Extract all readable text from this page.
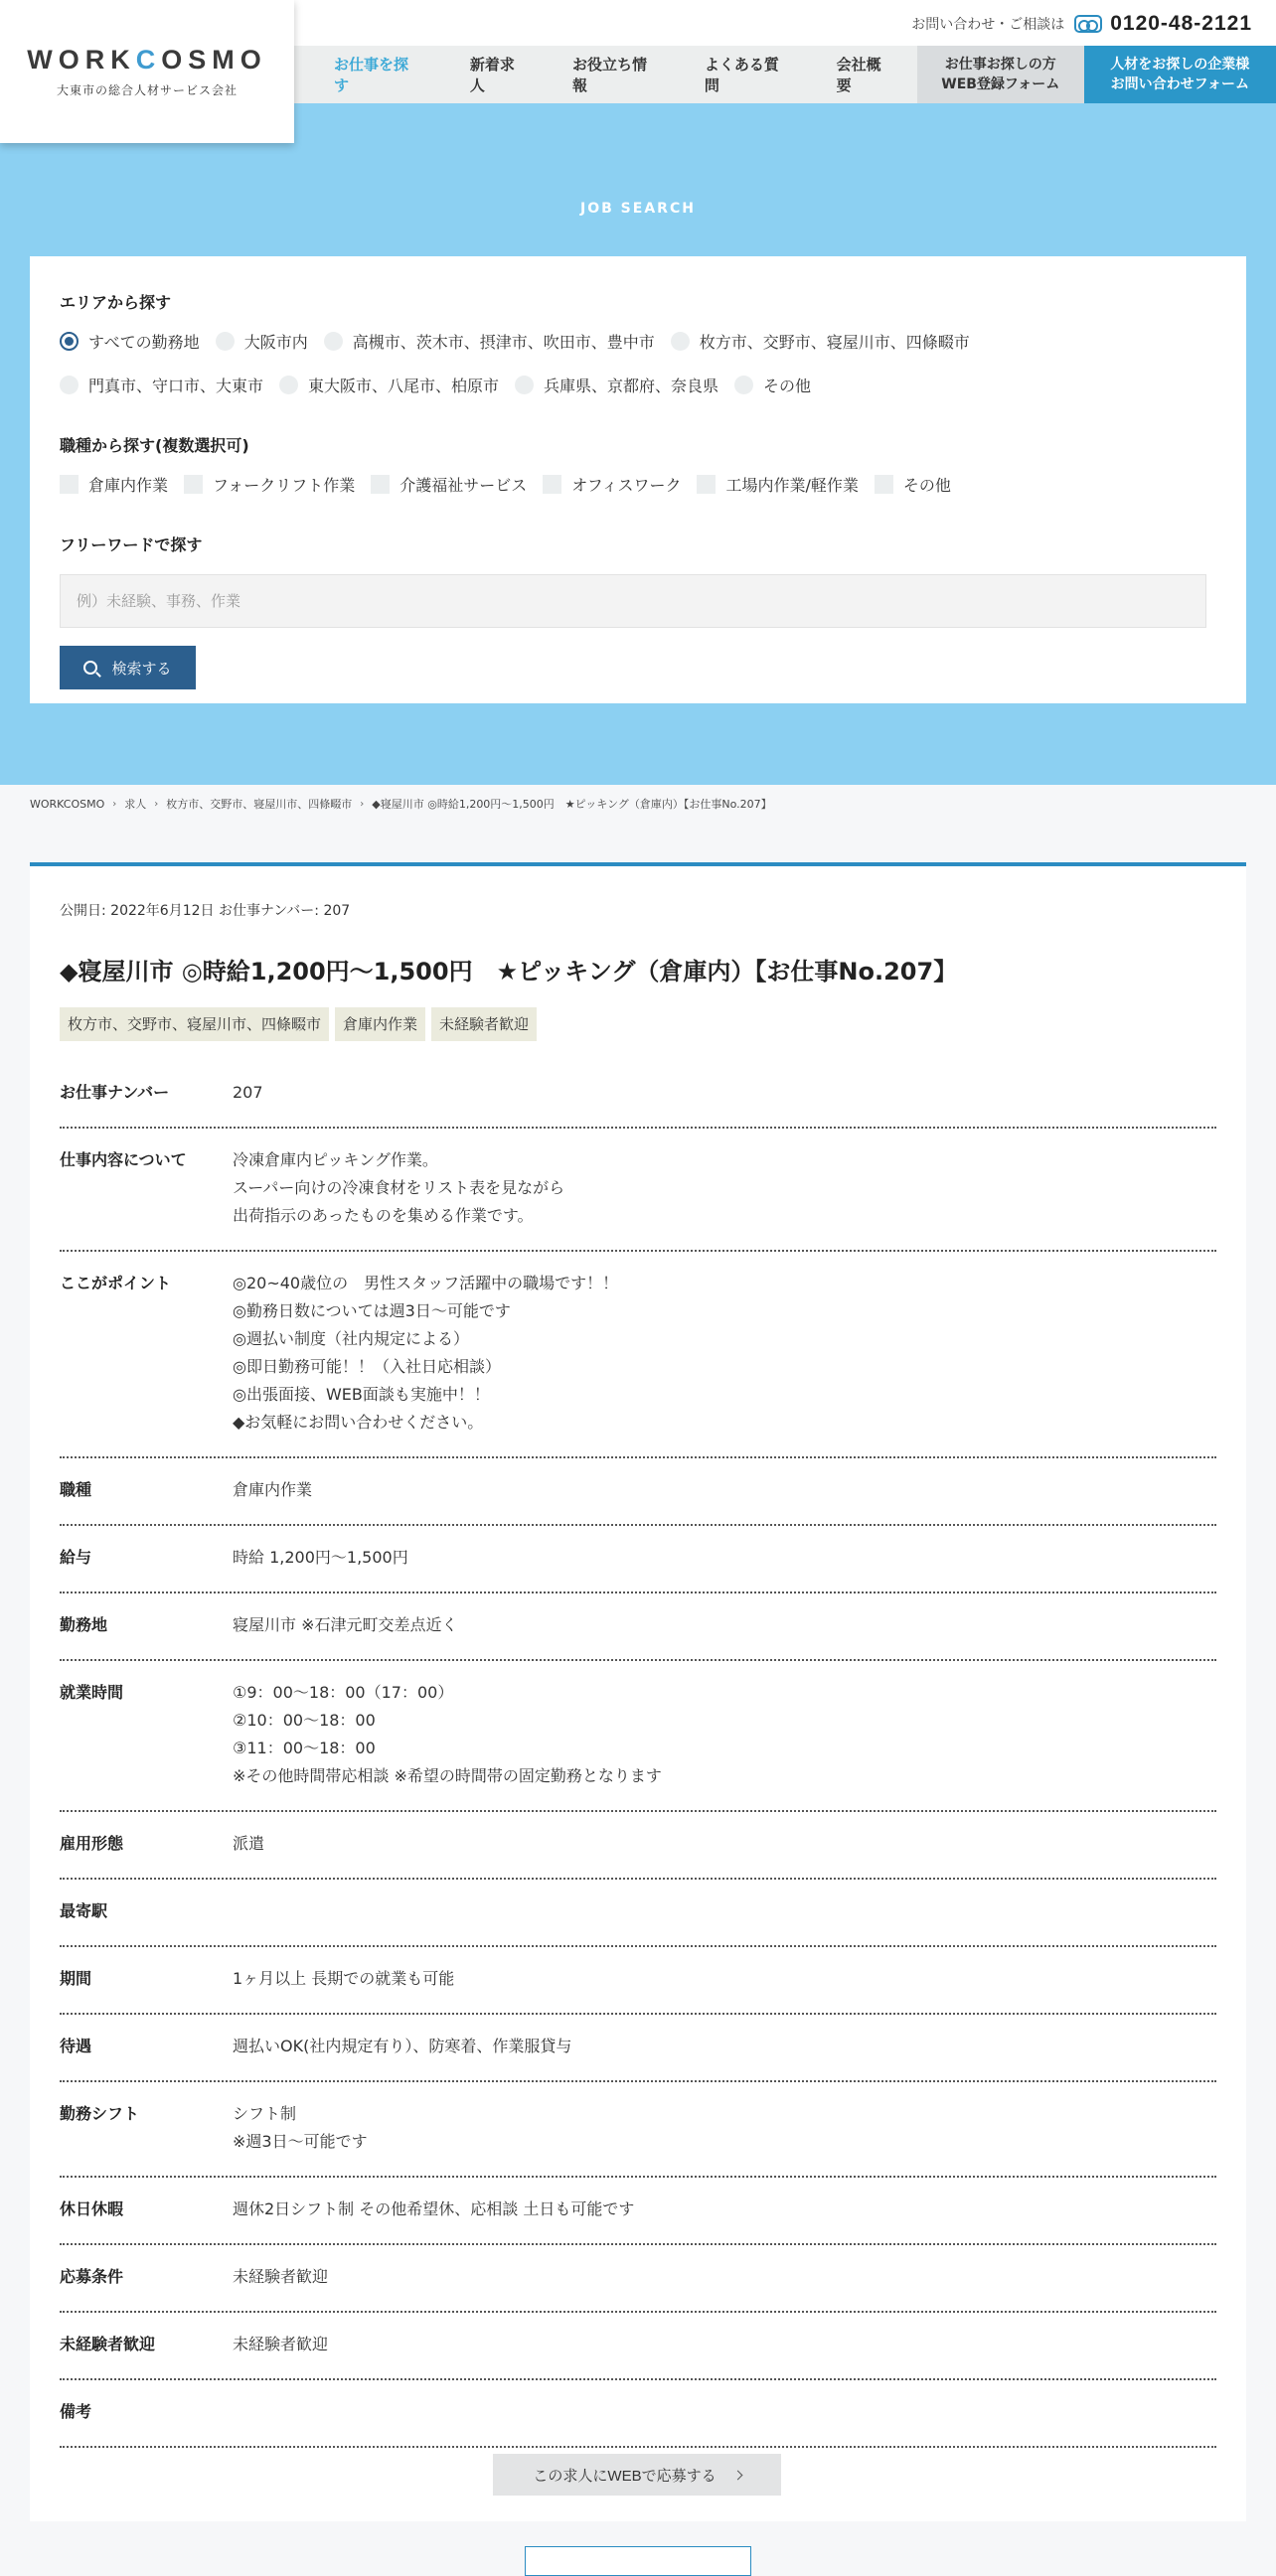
WORK C OSMO
大東市の総合人材サービス会社
お問い合わせ・ご相談は 0120-48-2121
お仕事を探す
新着求人
お役立ち情報
よくある質問
会社概要
お仕事お探しの方
WEB登録フォーム
人材をお探しの企業様
お問い合わせフォーム
JOB SEARCH
エリアから探す
すべての勤務地	大阪市内	高槻市、茨木市、摂津市、吹田市、豊中市	枚方市、交野市、寝屋川市、四條畷市
門真市、守口市、大東市	東大阪市、八尾市、柏原市	兵庫県、京都府、奈良県	その他
職種から探す(複数選択可)
倉庫内作業	フォークリフト作業	介護福祉サービス	オフィスワーク	工場内作業/軽作業	その他
フリーワードで探す
例）未経験、事務、作業
検索する
WORKCOSMO › 求人 › 枚方市、交野市、寝屋川市、四條畷市 › ◆寝屋川市 ◎時給1,200円〜1,500円　★ピッキング（倉庫内）【お仕事No.207】
公開日: 2022年6月12日 お仕事ナンバー: 207
◆寝屋川市 ◎時給1,200円〜1,500円　★ピッキング（倉庫内）【お仕事No.207】
枚方市、交野市、寝屋川市、四條畷市	倉庫内作業	未経験者歓迎
お仕事ナンバー	207
仕事内容について	冷凍倉庫内ピッキング作業。
スーパー向けの冷凍食材をリスト表を見ながら
出荷指示のあったものを集める作業です。
ここがポイント	◎20~40歳位の　男性スタッフ活躍中の職場です！！
◎勤務日数については週3日〜可能です
◎週払い制度（社内規定による）
◎即日勤務可能！！（入社日応相談）
◎出張面接、WEB面談も実施中！！
◆お気軽にお問い合わせください。
職種	倉庫内作業
給与	時給 1,200円〜1,500円
勤務地	寝屋川市 ※石津元町交差点近く
就業時間	①9：00〜18：00（17：00）
②10：00〜18：00
③11：00〜18：00
※その他時間帯応相談 ※希望の時間帯の固定勤務となります
雇用形態	派遣
最寄駅
期間	1ヶ月以上 長期での就業も可能
待遇	週払いOK(社内規定有り）、防寒着、作業服貸与
勤務シフト	シフト制
※週3日〜可能です
休日休暇	週休2日シフト制 その他希望休、応相談 土日も可能です
応募条件	未経験者歓迎
未経験者歓迎	未経験者歓迎
備考
この求人にWEBで応募する
